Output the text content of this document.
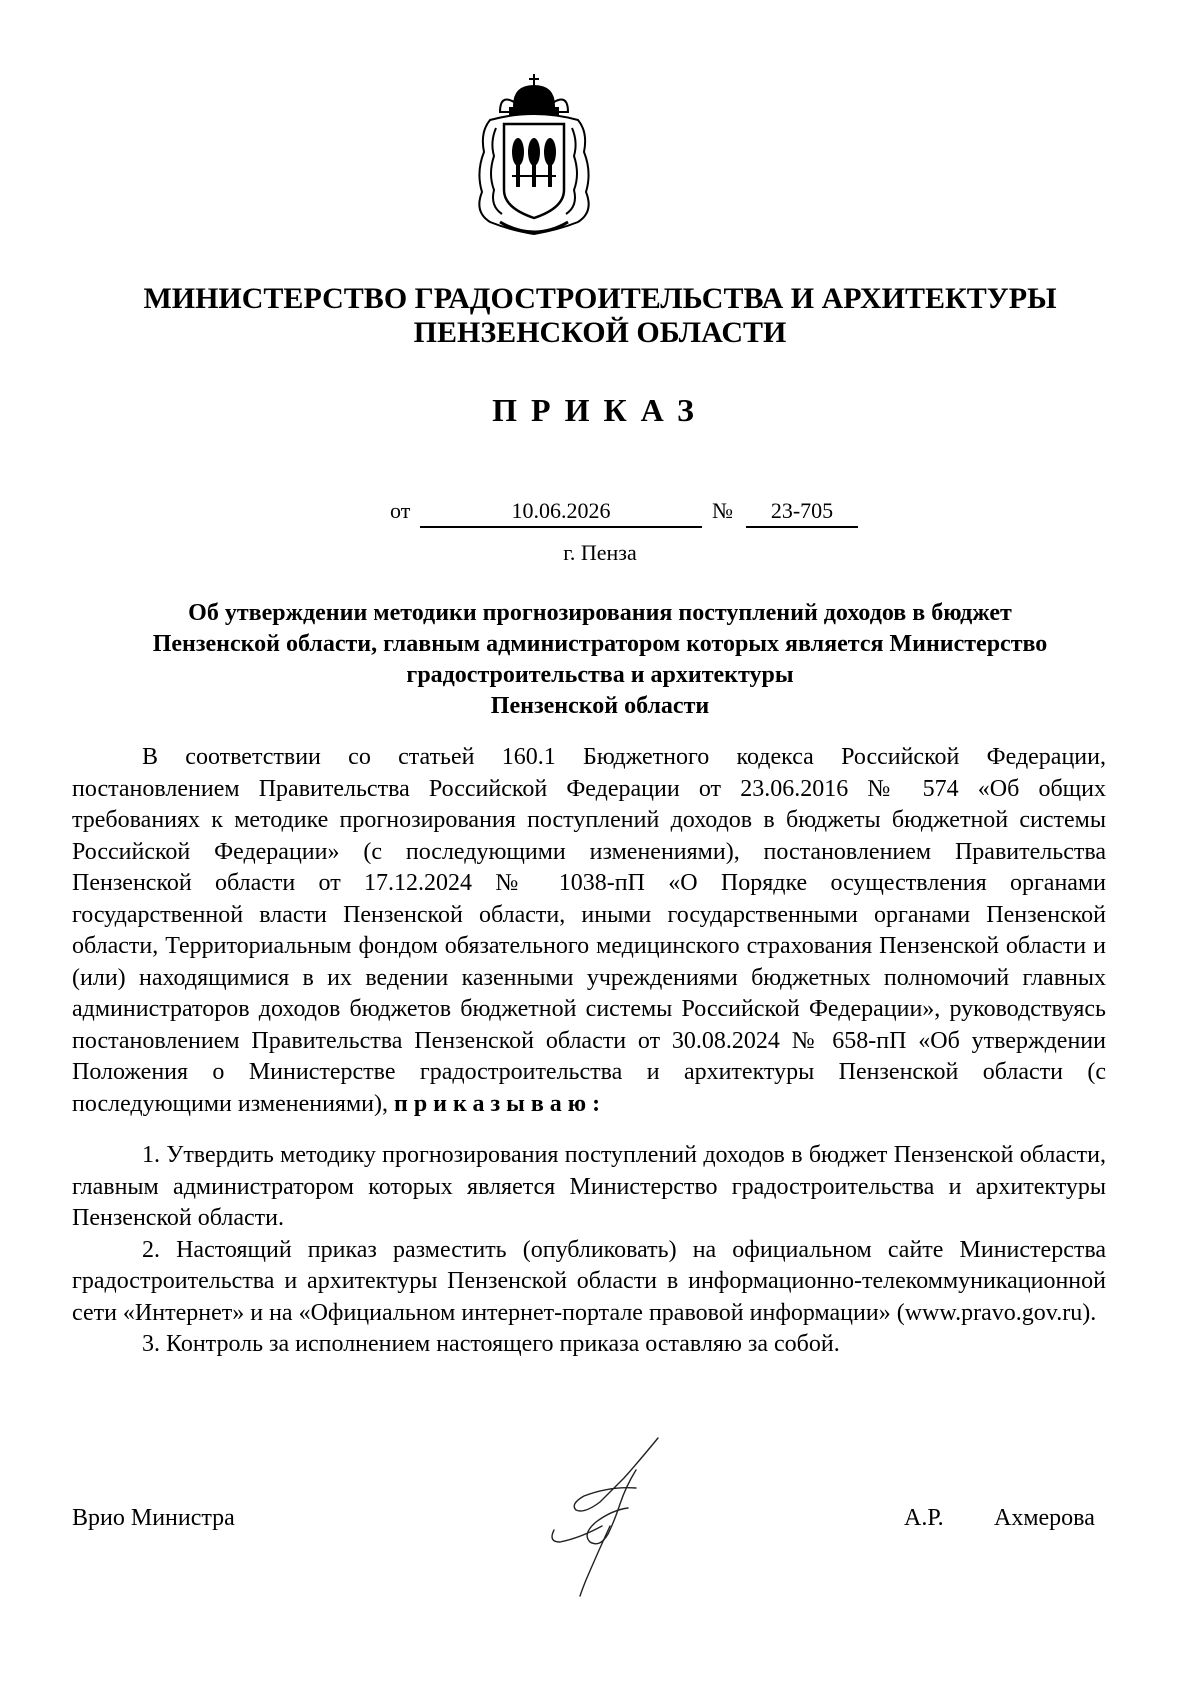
МИНИСТЕРСТВО ГРАДОСТРОИТЕЛЬСТВА И АРХИТЕКТУРЫ
ПЕНЗЕНСКОЙ ОБЛАСТИ
ПРИКАЗ
от	10.06.2026	№	23-705
г. Пенза
Об утверждении методики прогнозирования поступлений доходов в бюджет
Пензенской области, главным администратором которых является Министерство
градостроительства и архитектуры
Пензенской области

В соответствии со статьей 160.1 Бюджетного кодекса Российской Федерации, постановлением Правительства Российской Федерации от 23.06.2016 № 574 «Об общих требованиях к методике прогнозирования поступлений доходов в бюджеты бюджетной системы Российской Федерации» (с последующими изменениями), постановлением Правительства Пензенской области от 17.12.2024 № 1038-пП «О Порядке осуществления органами государственной власти Пензенской области, иными государственными органами Пензенской области, Территориальным фондом обязательного медицинского страхования Пензенской области и (или) находящимися в их ведении казенными учреждениями бюджетных полномочий главных администраторов доходов бюджетов бюджетной системы Российской Федерации», руководствуясь постановлением Правительства Пензенской области от 30.08.2024 № 658-пП «Об утверждении Положения о Министерстве градостроительства и архитектуры Пензенской области (с последующими изменениями), приказываю:

1. Утвердить методику прогнозирования поступлений доходов в бюджет Пензенской области, главным администратором которых является Министерство градостроительства и архитектуры Пензенской области.

2. Настоящий приказ разместить (опубликовать) на официальном сайте Министерства градостроительства и архитектуры Пензенской области в информационно-телекоммуникационной сети «Интернет» и на «Официальном интернет-портале правовой информации» (www.pravo.gov.ru).

3. Контроль за исполнением настоящего приказа оставляю за собой.

Врио Министра	А.Р. Ахмерова
